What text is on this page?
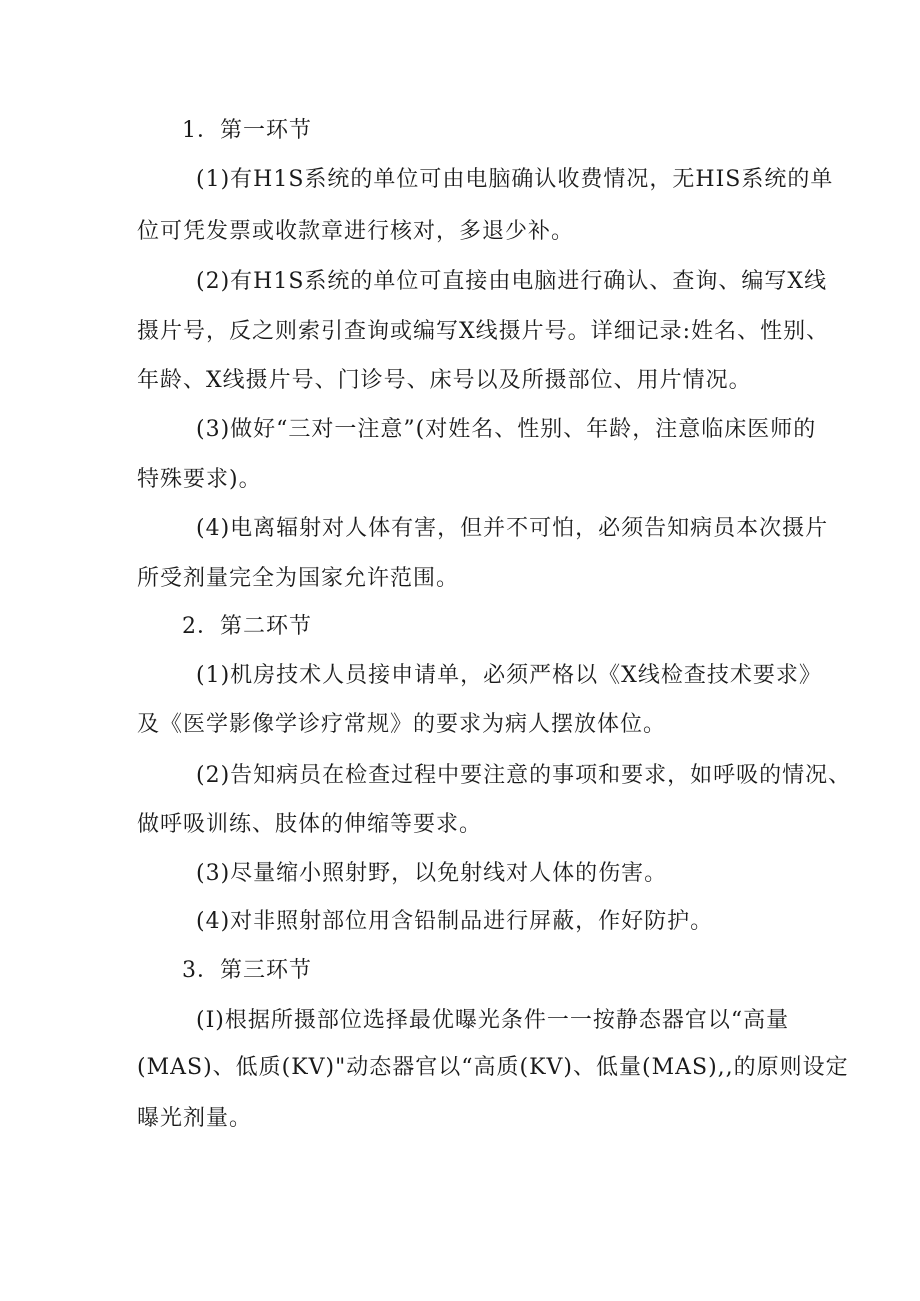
1．第一环节
(1)有H1S系统的单位可由电脑确认收费情况，无HIS系统的单
位可凭发票或收款章进行核对，多退少补。
(2)有H1S系统的单位可直接由电脑进行确认、查询、编写X线
摄片号，反之则索引查询或编写X线摄片号。详细记录:姓名、性别、
年龄、X线摄片号、门诊号、床号以及所摄部位、用片情况。
(3)做好“三对一注意”(对姓名、性别、年龄，注意临床医师的
特殊要求)。
(4)电离辐射对人体有害，但并不可怕，必须告知病员本次摄片
所受剂量完全为国家允许范围。
2．第二环节
(1)机房技术人员接申请单，必须严格以《X线检查技术要求》
及《医学影像学诊疗常规》的要求为病人摆放体位。
(2)告知病员在检查过程中要注意的事项和要求，如呼吸的情况、
做呼吸训练、肢体的伸缩等要求。
(3)尽量缩小照射野，以免射线对人体的伤害。
(4)对非照射部位用含铅制品进行屏蔽，作好防护。
3．第三环节
(I)根据所摄部位选择最优曝光条件一一按静态器官以“高量
(MAS)、低质(KV)"动态器官以“高质(KV)、低量(MAS),,的原则设定
曝光剂量。
